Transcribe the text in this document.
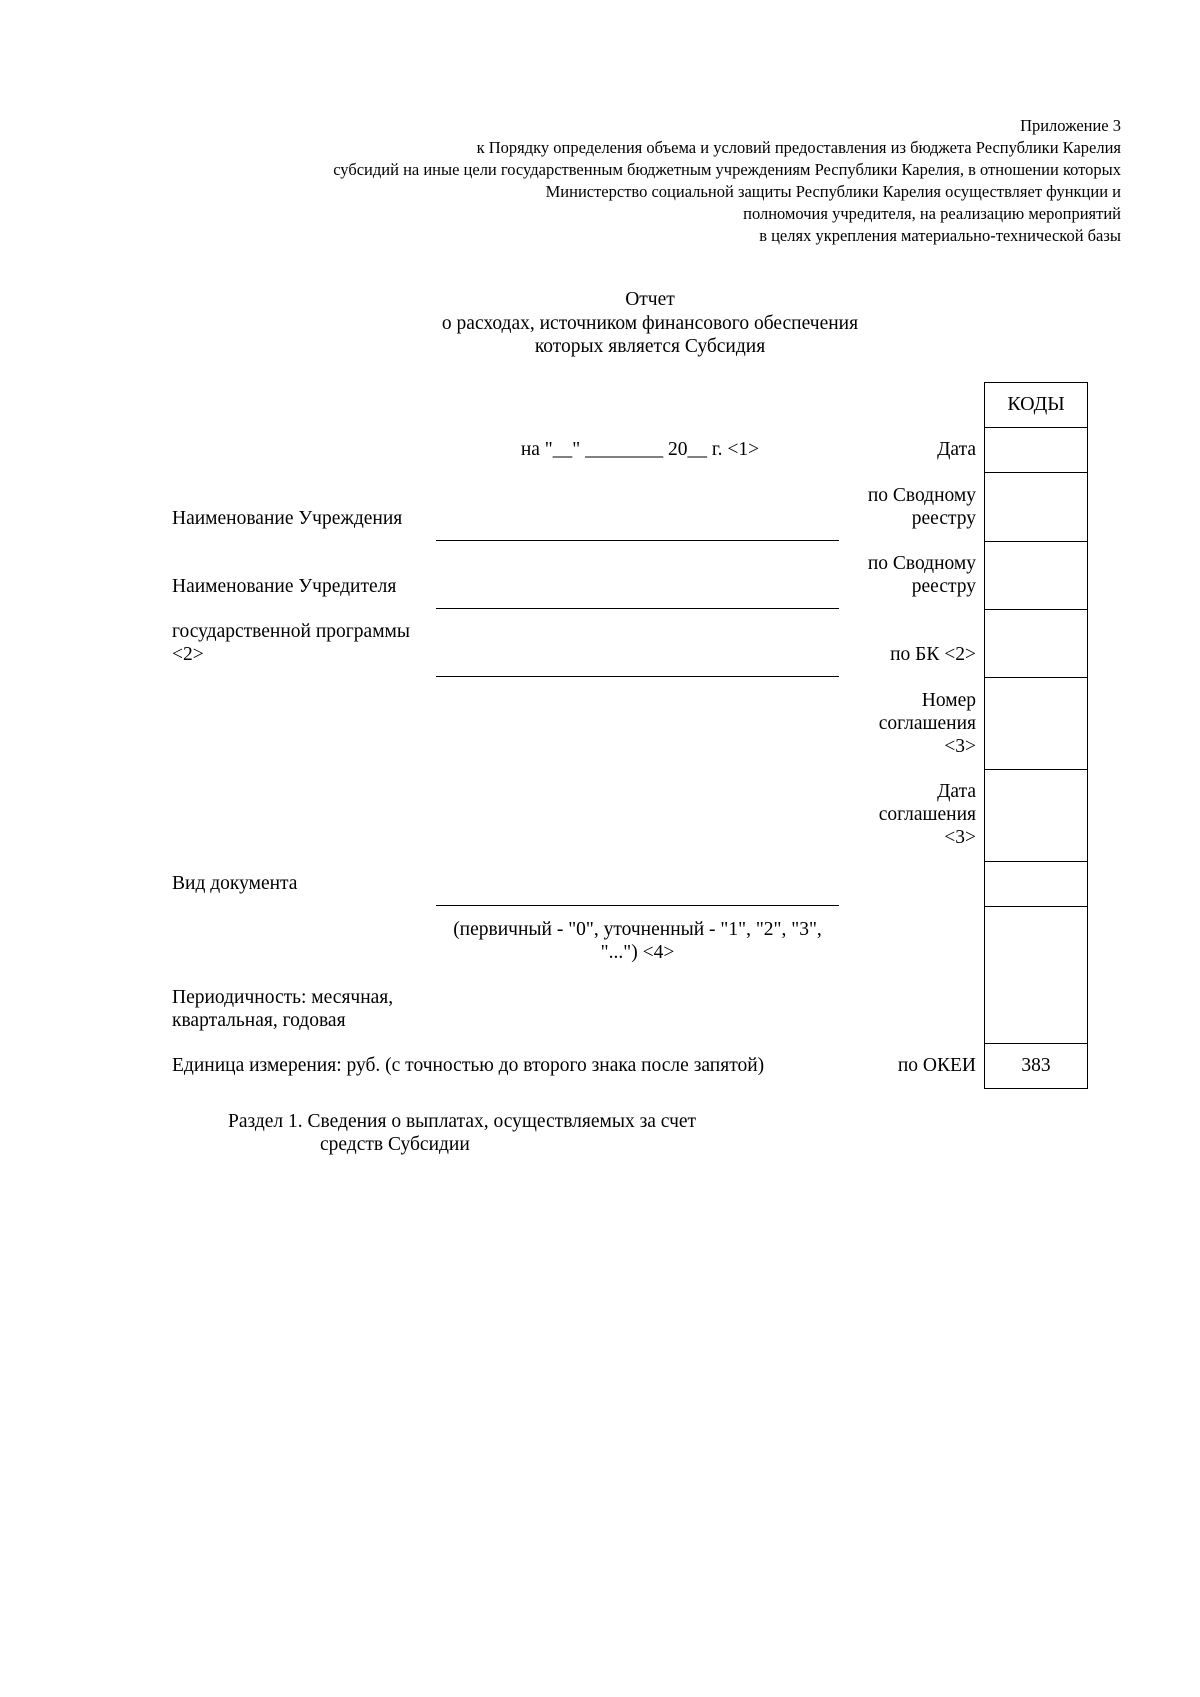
Приложение 3
к Порядку определения объема и условий предоставления из бюджета Республики Карелия
субсидий на иные цели государственным бюджетным учреждениям Республики Карелия, в отношении которых
Министерство социальной защиты Республики Карелия осуществляет функции и
полномочия учредителя, на реализацию мероприятий
в целях укрепления материально-технической базы
Отчет
о расходах, источником финансового обеспечения
которых является Субсидия
КОДЫ
383
Дата
по Сводному
реестру
по Сводному
реестру
по БК <2>
Номер
соглашения
<3>
Дата
соглашения
<3>
по ОКЕИ
на "__" ________ 20__ г. <1>
Наименование Учреждения
Наименование Учредителя
государственной программы
<2>
Вид документа
(первичный - "0", уточненный - "1", "2", "3",
"...") <4>
Периодичность: месячная,
квартальная, годовая
Единица измерения: руб. (с точностью до второго знака после запятой)
Раздел 1. Сведения о выплатах, осуществляемых за счет
средств Субсидии
